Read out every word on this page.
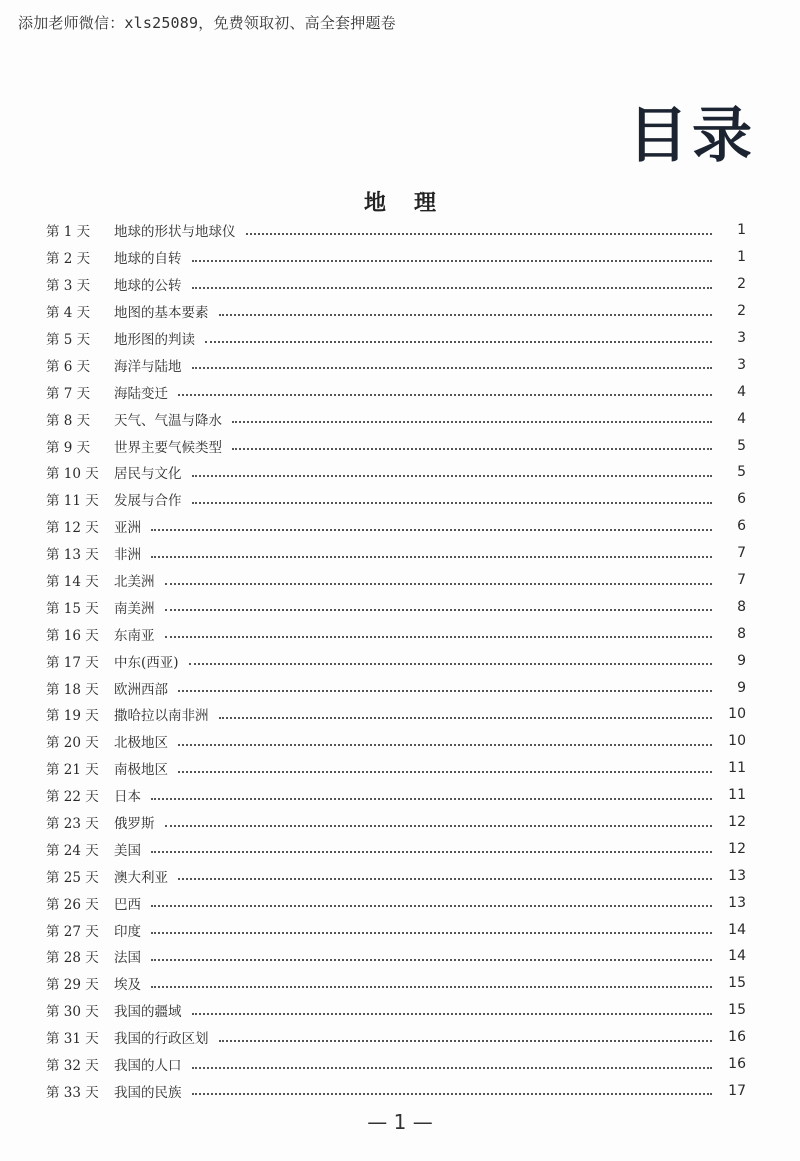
添加老师微信：xls25089，免费领取初、高全套押题卷
目录
地理
第 1 天	地球的形状与地球仪	1
第 2 天	地球的自转	1
第 3 天	地球的公转	2
第 4 天	地图的基本要素	2
第 5 天	地形图的判读	3
第 6 天	海洋与陆地	3
第 7 天	海陆变迁	4
第 8 天	天气、气温与降水	4
第 9 天	世界主要气候类型	5
第 10 天	居民与文化	5
第 11 天	发展与合作	6
第 12 天	亚洲	6
第 13 天	非洲	7
第 14 天	北美洲	7
第 15 天	南美洲	8
第 16 天	东南亚	8
第 17 天	中东(西亚)	9
第 18 天	欧洲西部	9
第 19 天	撒哈拉以南非洲	10
第 20 天	北极地区	10
第 21 天	南极地区	11
第 22 天	日本	11
第 23 天	俄罗斯	12
第 24 天	美国	12
第 25 天	澳大利亚	13
第 26 天	巴西	13
第 27 天	印度	14
第 28 天	法国	14
第 29 天	埃及	15
第 30 天	我国的疆域	15
第 31 天	我国的行政区划	16
第 32 天	我国的人口	16
第 33 天	我国的民族	17
— 1 —
